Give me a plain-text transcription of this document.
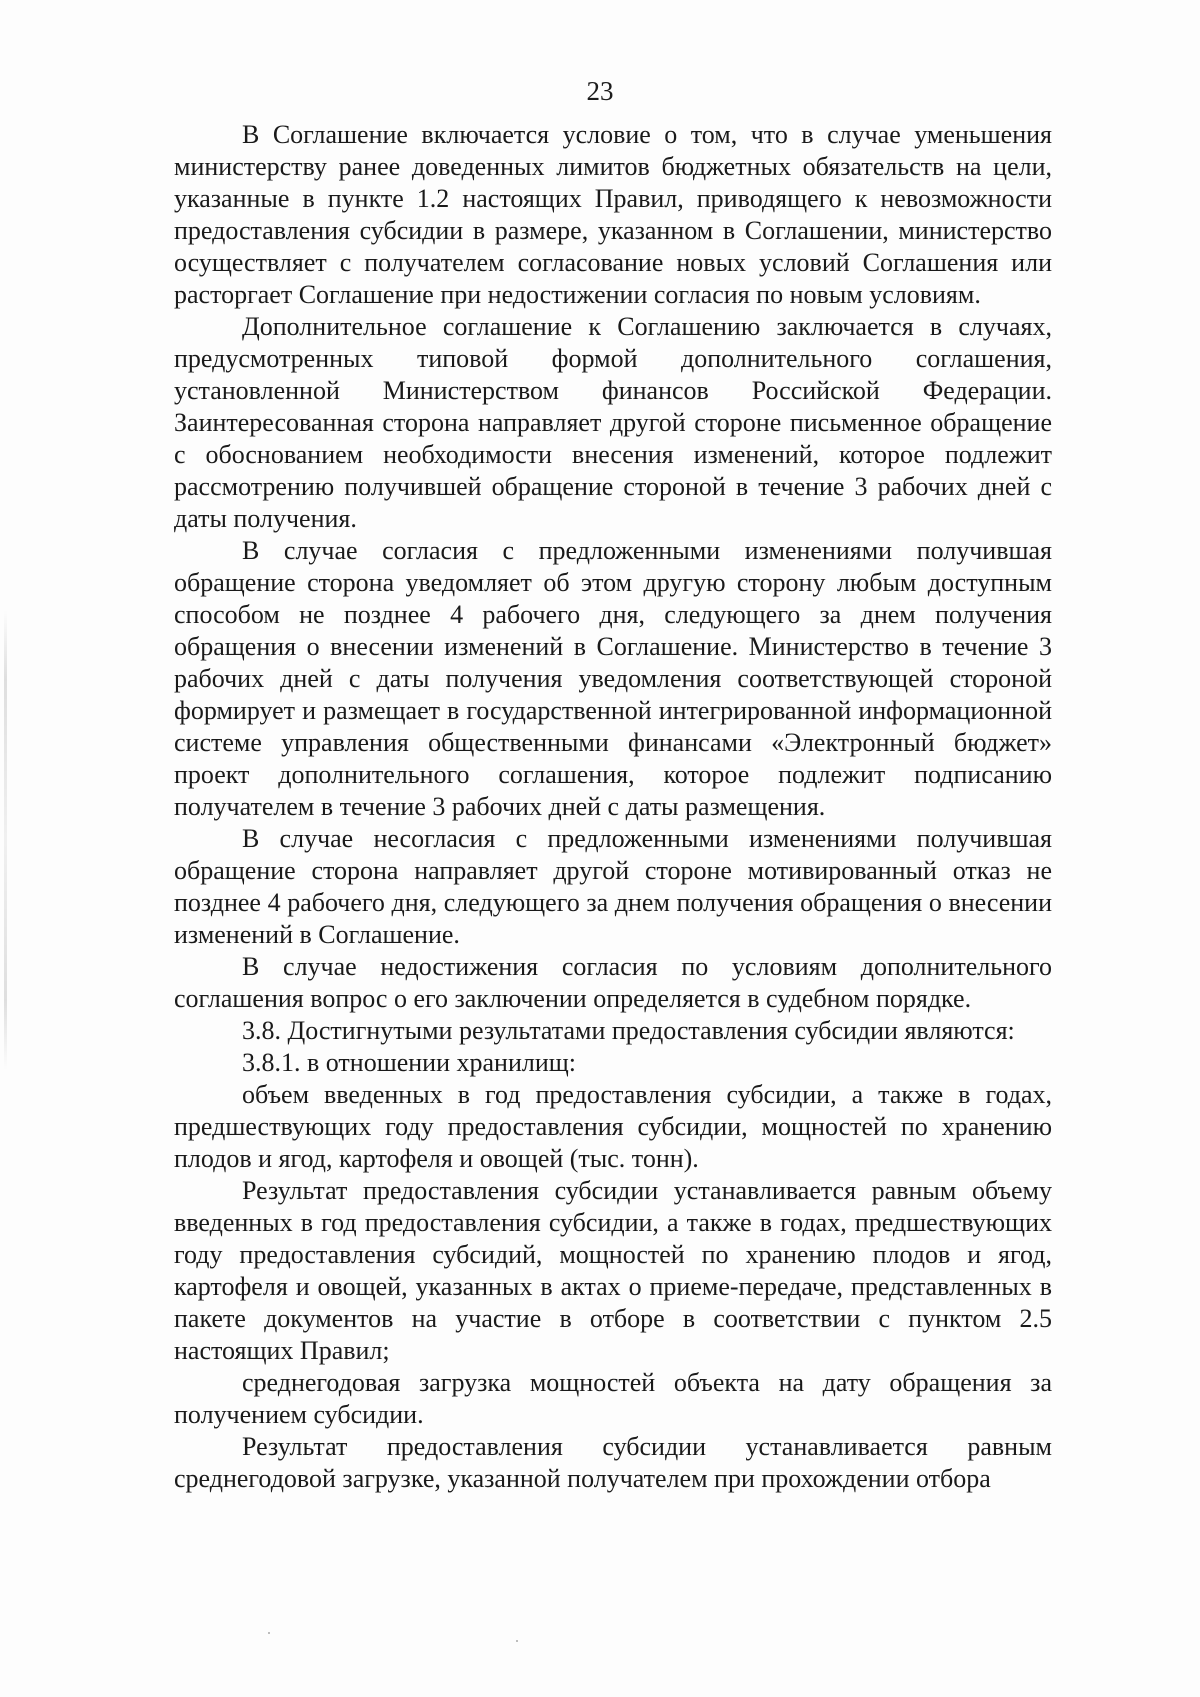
23

В Соглашение включается условие о том, что в случае уменьшения министерству ранее доведенных лимитов бюджетных обязательств на цели, указанные в пункте 1.2 настоящих Правил, приводящего к невозможности предоставления субсидии в размере, указанном в Соглашении, министерство осуществляет с получателем согласование новых условий Соглашения или расторгает Соглашение при недостижении согласия по новым условиям.

Дополнительное соглашение к Соглашению заключается в случаях, предусмотренных типовой формой дополнительного соглашения, установленной Министерством финансов Российской Федерации. Заинтересованная сторона направляет другой стороне письменное обращение с обоснованием необходимости внесения изменений, которое подлежит рассмотрению получившей обращение стороной в течение 3 рабочих дней с даты получения.

В случае согласия с предложенными изменениями получившая обращение сторона уведомляет об этом другую сторону любым доступным способом не позднее 4 рабочего дня, следующего за днем получения обращения о внесении изменений в Соглашение. Министерство в течение 3 рабочих дней с даты получения уведомления соответствующей стороной формирует и размещает в государственной интегрированной информационной системе управления общественными финансами «Электронный бюджет» проект дополнительного соглашения, которое подлежит подписанию получателем в течение 3 рабочих дней с даты размещения.

В случае несогласия с предложенными изменениями получившая обращение сторона направляет другой стороне мотивированный отказ не позднее 4 рабочего дня, следующего за днем получения обращения о внесении изменений в Соглашение.

В случае недостижения согласия по условиям дополнительного соглашения вопрос о его заключении определяется в судебном порядке.

3.8. Достигнутыми результатами предоставления субсидии являются:

3.8.1. в отношении хранилищ:

объем введенных в год предоставления субсидии, а также в годах, предшествующих году предоставления субсидии, мощностей по хранению плодов и ягод, картофеля и овощей (тыс. тонн).

Результат предоставления субсидии устанавливается равным объему введенных в год предоставления субсидии, а также в годах, предшествующих году предоставления субсидий, мощностей по хранению плодов и ягод, картофеля и овощей, указанных в актах о приеме-передаче, представленных в пакете документов на участие в отборе в соответствии с пунктом 2.5 настоящих Правил;

среднегодовая загрузка мощностей объекта на дату обращения за получением субсидии.

Результат предоставления субсидии устанавливается равным среднегодовой загрузке, указанной получателем при прохождении отбора
